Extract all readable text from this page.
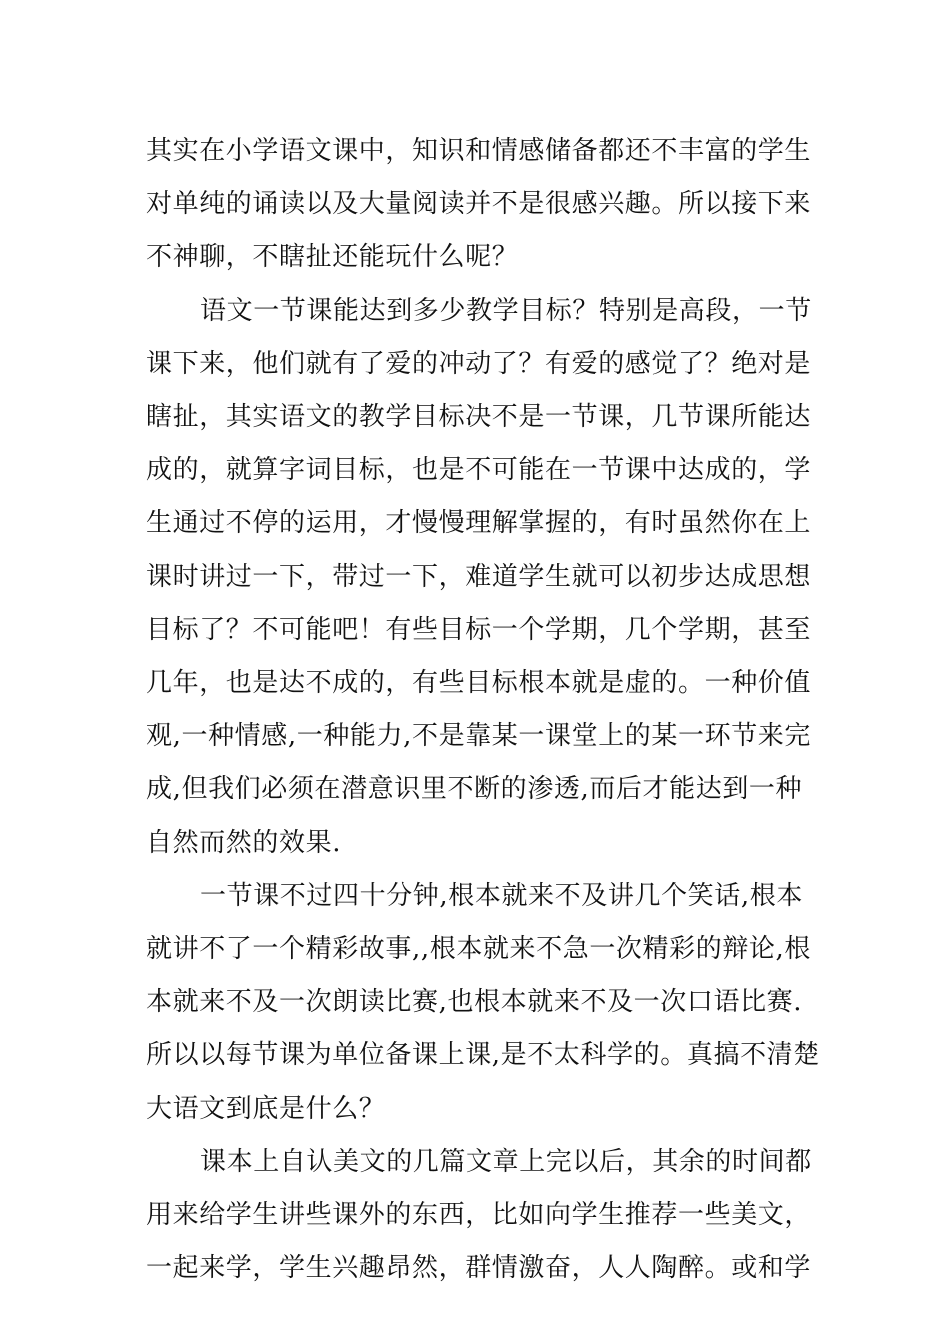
其实在小学语文课中，知识和情感储备都还不丰富的学生
对单纯的诵读以及大量阅读并不是很感兴趣。所以接下来
不神聊，不瞎扯还能玩什么呢？
语文一节课能达到多少教学目标？特别是高段，一节
课下来，他们就有了爱的冲动了？有爱的感觉了？绝对是
瞎扯，其实语文的教学目标决不是一节课，几节课所能达
成的，就算字词目标，也是不可能在一节课中达成的，学
生通过不停的运用，才慢慢理解掌握的，有时虽然你在上
课时讲过一下，带过一下，难道学生就可以初步达成思想
目标了？不可能吧！有些目标一个学期，几个学期，甚至
几年，也是达不成的，有些目标根本就是虚的。一种价值
观,一种情感,一种能力,不是靠某一课堂上的某一环节来完
成,但我们必须在潜意识里不断的渗透,而后才能达到一种
自然而然的效果.
一节课不过四十分钟,根本就来不及讲几个笑话,根本
就讲不了一个精彩故事,,根本就来不急一次精彩的辩论,根
本就来不及一次朗读比赛,也根本就来不及一次口语比赛.
所以以每节课为单位备课上课,是不太科学的。真搞不清楚
大语文到底是什么？
课本上自认美文的几篇文章上完以后，其余的时间都
用来给学生讲些课外的东西，比如向学生推荐一些美文，
一起来学，学生兴趣昂然，群情激奋，人人陶醉。或和学
